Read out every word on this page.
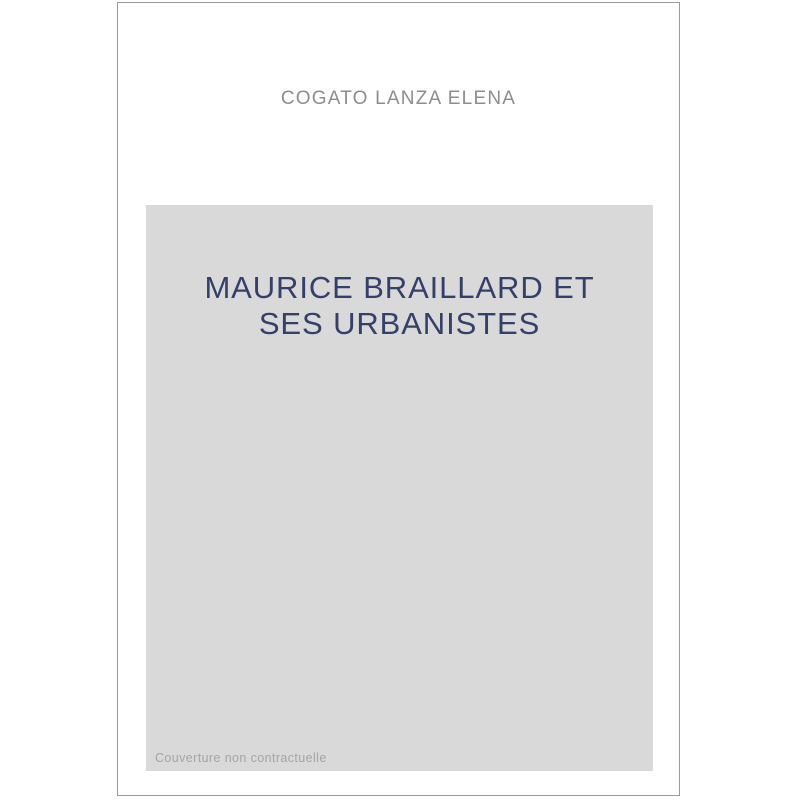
COGATO LANZA ELENA
MAURICE BRAILLARD ET
SES URBANISTES
Couverture non contractuelle
